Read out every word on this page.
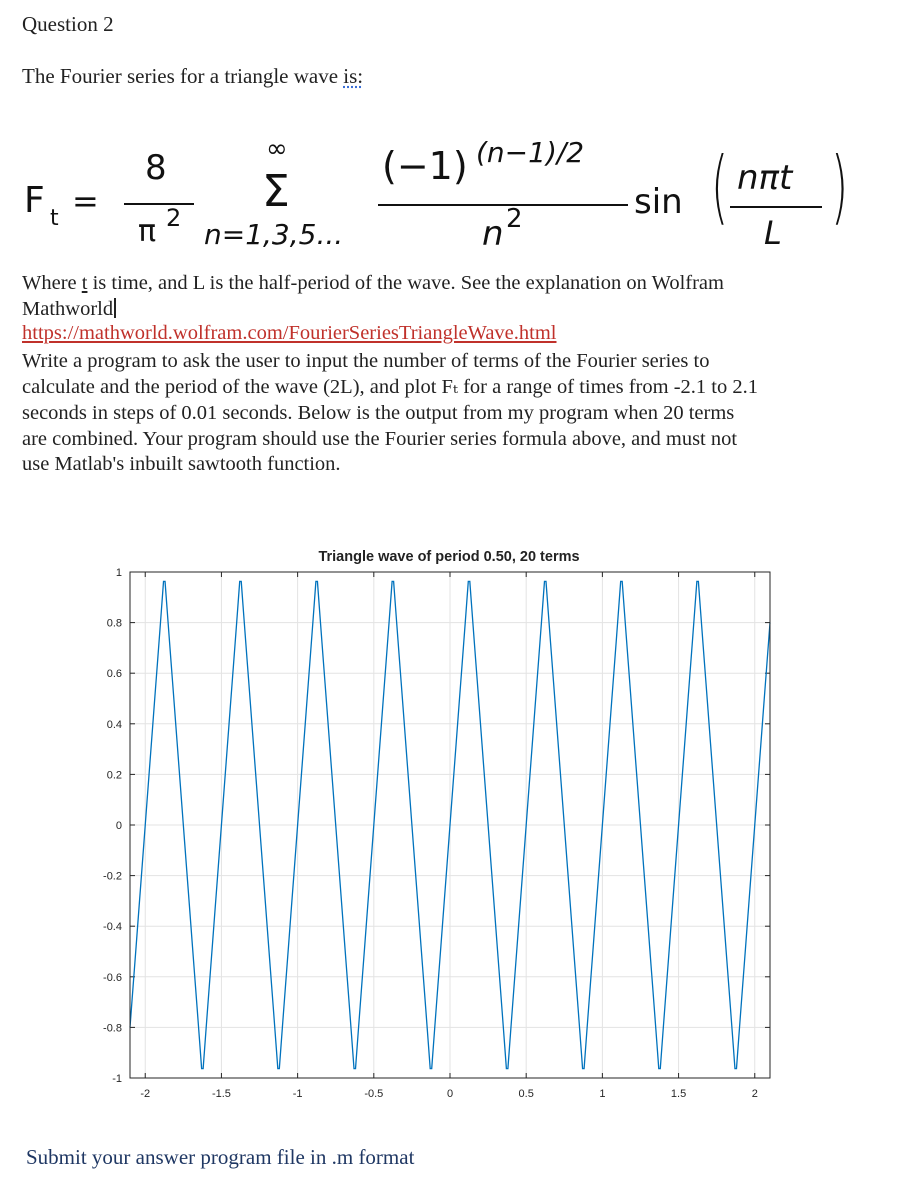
Question 2
The Fourier series for a triangle wave is:
F t =
8
π 2
∞
Σ
n=1,3,5...
(−1) (n−1)/2
n 2	sin ( )
nπt
L
Where t is time, and L is the half-period of the wave. See the explanation on Wolfram
Mathworld
https://mathworld.wolfram.com/FourierSeriesTriangleWave.html
Write a program to ask the user to input the number of terms of the Fourier series to
calculate and the period of the wave (2L), and plot Fₜ for a range of times from -2.1 to 2.1
seconds in steps of 0.01 seconds. Below is the output from my program when 20 terms
are combined. Your program should use the Fourier series formula above, and must not
use Matlab's inbuilt sawtooth function.
Triangle wave of period 0.50, 20 terms
-2	-1.5	-1	-0.5	0	0.5	1	1.5	2
-1
-0.8
-0.6
-0.4
-0.2
0
0.2
0.4
0.6
0.8
1
Submit your answer program file in .m format
